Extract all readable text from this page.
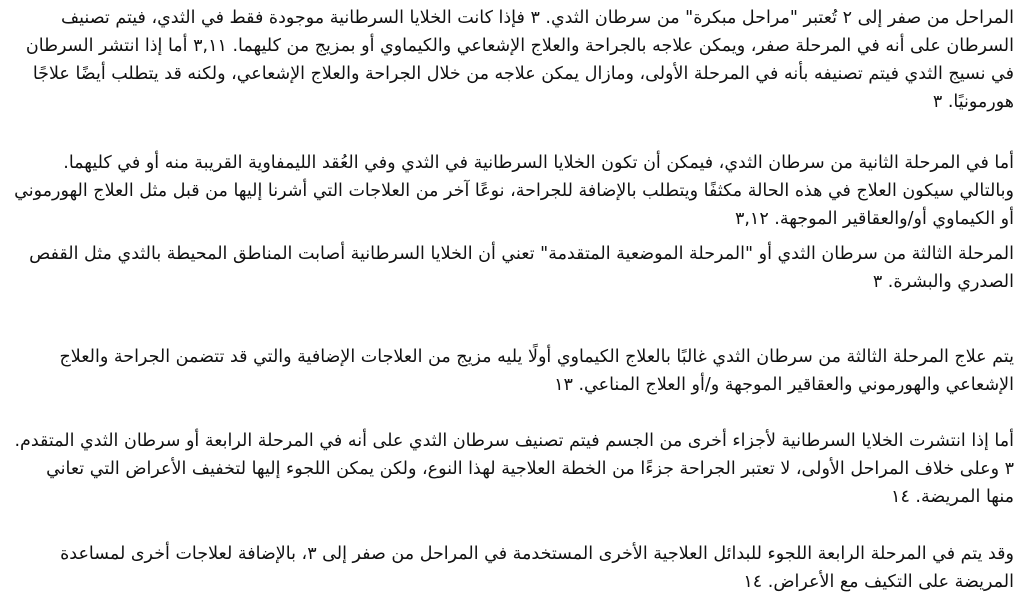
المراحل من صفر إلى ٢ تُعتبر "مراحل مبكرة" من سرطان الثدي. ٣ فإذا كانت الخلايا السرطانية موجودة فقط في الثدي، فيتم تصنيف السرطان على أنه في المرحلة صفر، ويمكن علاجه بالجراحة والعلاج الإشعاعي والكيماوي أو بمزيج من كليهما. ٣,١١ أما إذا انتشر السرطان في نسيج الثدي فيتم تصنيفه بأنه في المرحلة الأولى، ومازال يمكن علاجه من خلال الجراحة والعلاج الإشعاعي، ولكنه قد يتطلب أيضًا علاجًا هورمونيًا. ٣

أما في المرحلة الثانية من سرطان الثدي، فيمكن أن تكون الخلايا السرطانية في الثدي وفي العُقد الليمفاوية القريبة منه أو في كليهما. وبالتالي سيكون العلاج في هذه الحالة مكثفًا ويتطلب بالإضافة للجراحة، نوعًا آخر من العلاجات التي أشرنا إليها من قبل مثل العلاج الهورموني أو الكيماوي أو/والعقاقير الموجهة. ٣,١٢

المرحلة الثالثة من سرطان الثدي أو "المرحلة الموضعية المتقدمة" تعني أن الخلايا السرطانية أصابت المناطق المحيطة بالثدي مثل القفص الصدري والبشرة. ٣

يتم علاج المرحلة الثالثة من سرطان الثدي غالبًا بالعلاج الكيماوي أولًا يليه مزيج من العلاجات الإضافية والتي قد تتضمن الجراحة والعلاج الإشعاعي والهورموني والعقاقير الموجهة و/أو العلاج المناعي. ١٣

أما إذا انتشرت الخلايا السرطانية لأجزاء أخرى من الجسم فيتم تصنيف سرطان الثدي على أنه في المرحلة الرابعة أو سرطان الثدي المتقدم. ٣ وعلى خلاف المراحل الأولى، لا تعتبر الجراحة جزءًا من الخطة العلاجية لهذا النوع، ولكن يمكن اللجوء إليها لتخفيف الأعراض التي تعاني منها المريضة. ١٤

وقد يتم في المرحلة الرابعة اللجوء للبدائل العلاجية الأخرى المستخدمة في المراحل من صفر إلى ٣، بالإضافة لعلاجات أخرى لمساعدة المريضة على التكيف مع الأعراض. ١٤
